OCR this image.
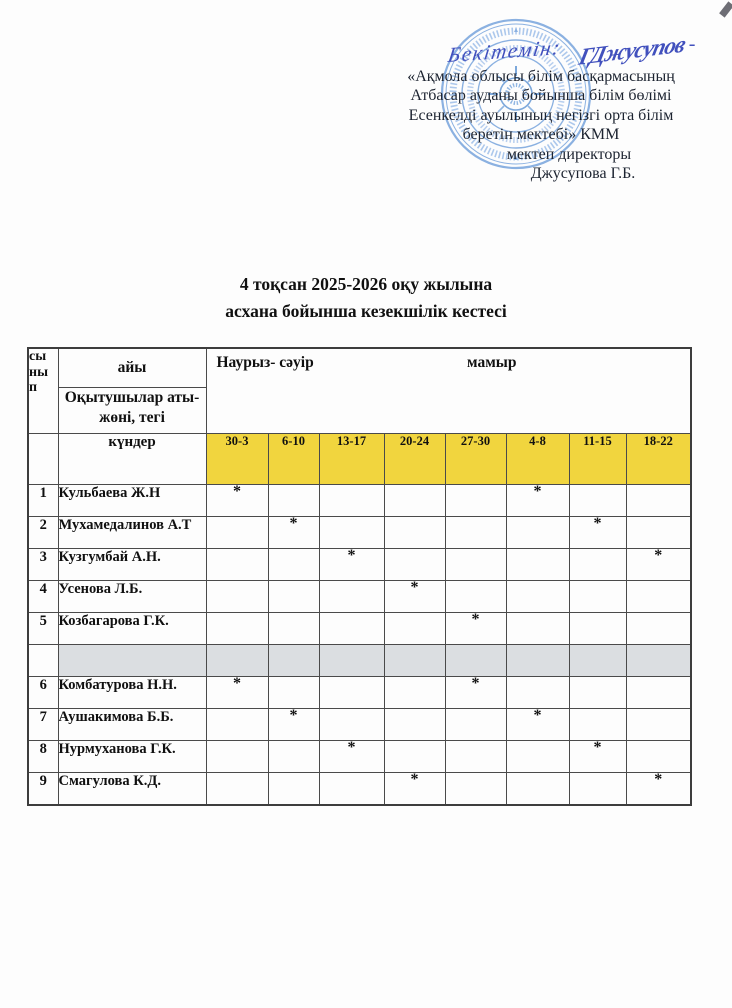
Бекітемін: ГДжусупов -
«Ақмола облысы білім басқармасының
Атбасар ауданы бойынша білім бөлімі
Есенкелді ауылының негізгі орта білім
беретін мектебі» КММ
мектеп директоры
Джусупова Г.Б.
4 тоқсан 2025-2026 оқу жылына
асхана бойынша кезекшілік кестесі
сы
ны
п
	айы	Наурыз- сәуір	мамыр

	Оқытушылар аты-жөні, тегі								
	күндер	30-3	6-10	13-17	20-24	27-30	4-8	11-15	18-22
1	Кульбаева Ж.Н	*					*		
2	Мухамедалинов А.Т		*					*	
3	Кузгумбай А.Н.			*					*
4	Усенова Л.Б.				*				
5	Козбагарова Г.К.					*			

6	Комбатурова Н.Н.	*				*			
7	Аушакимова Б.Б.		*				*		
8	Нурмуханова Г.К.			*				*	
9	Смагулова К.Д.				*				*
